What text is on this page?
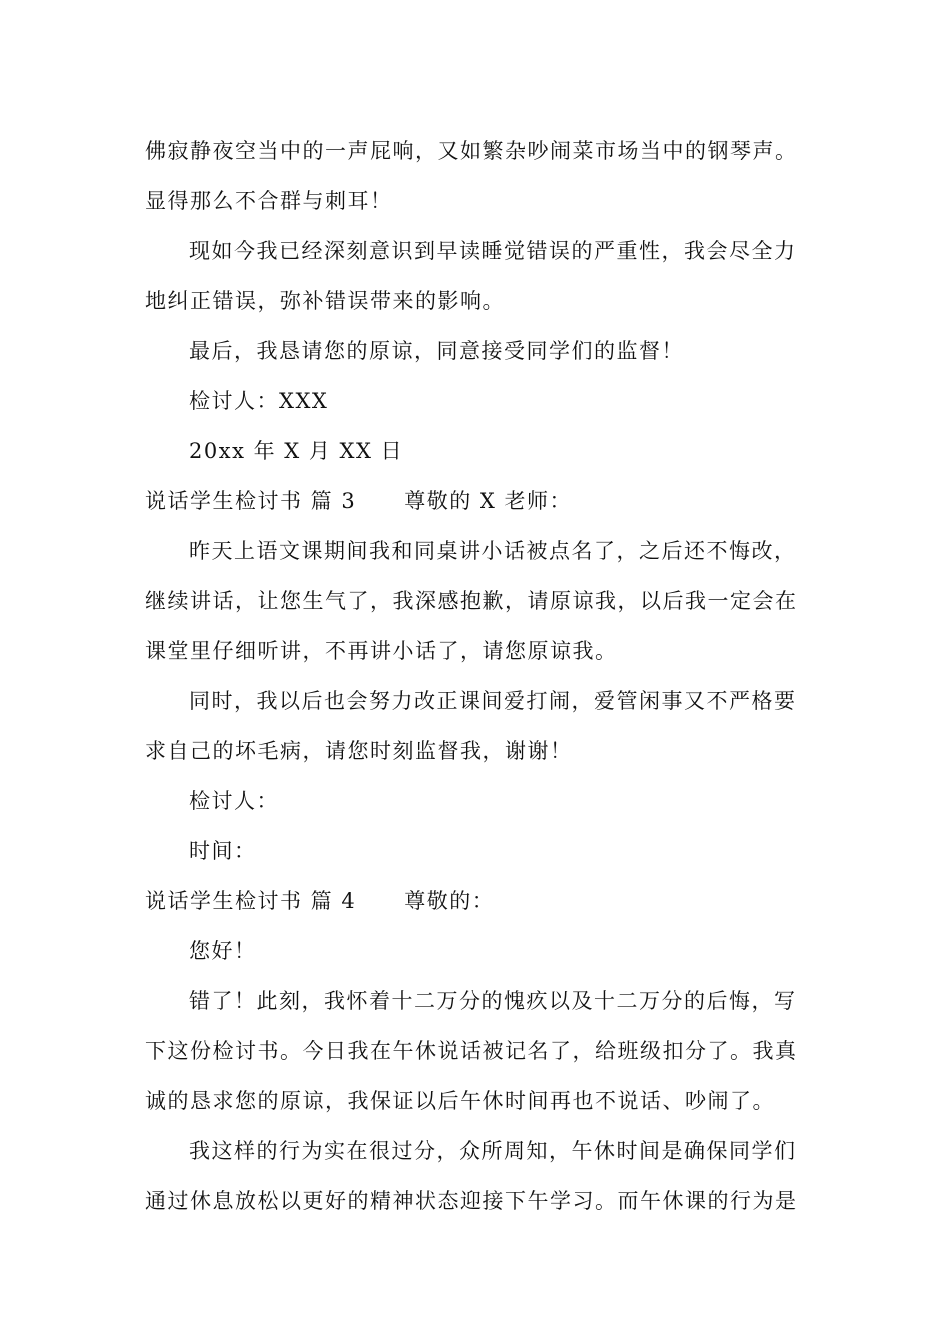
佛寂静夜空当中的一声屁响，又如繁杂吵闹菜市场当中的钢琴声。
显得那么不合群与刺耳！
现如今我已经深刻意识到早读睡觉错误的严重性，我会尽全力
地纠正错误，弥补错误带来的影响。
最后，我恳请您的原谅，同意接受同学们的监督！
检讨人：XXX
20xx 年 X 月 XX 日
说话学生检讨书 篇 3 尊敬的 X 老师：
昨天上语文课期间我和同桌讲小话被点名了，之后还不悔改，
继续讲话，让您生气了，我深感抱歉，请原谅我，以后我一定会在
课堂里仔细听讲，不再讲小话了，请您原谅我。
同时，我以后也会努力改正课间爱打闹，爱管闲事又不严格要
求自己的坏毛病，请您时刻监督我，谢谢！
检讨人：
时间：
说话学生检讨书 篇 4 尊敬的：
您好！
错了！此刻，我怀着十二万分的愧疚以及十二万分的后悔，写
下这份检讨书。今日我在午休说话被记名了，给班级扣分了。我真
诚的恳求您的原谅，我保证以后午休时间再也不说话、吵闹了。
我这样的行为实在很过分，众所周知，午休时间是确保同学们
通过休息放松以更好的精神状态迎接下午学习。而午休课的行为是
